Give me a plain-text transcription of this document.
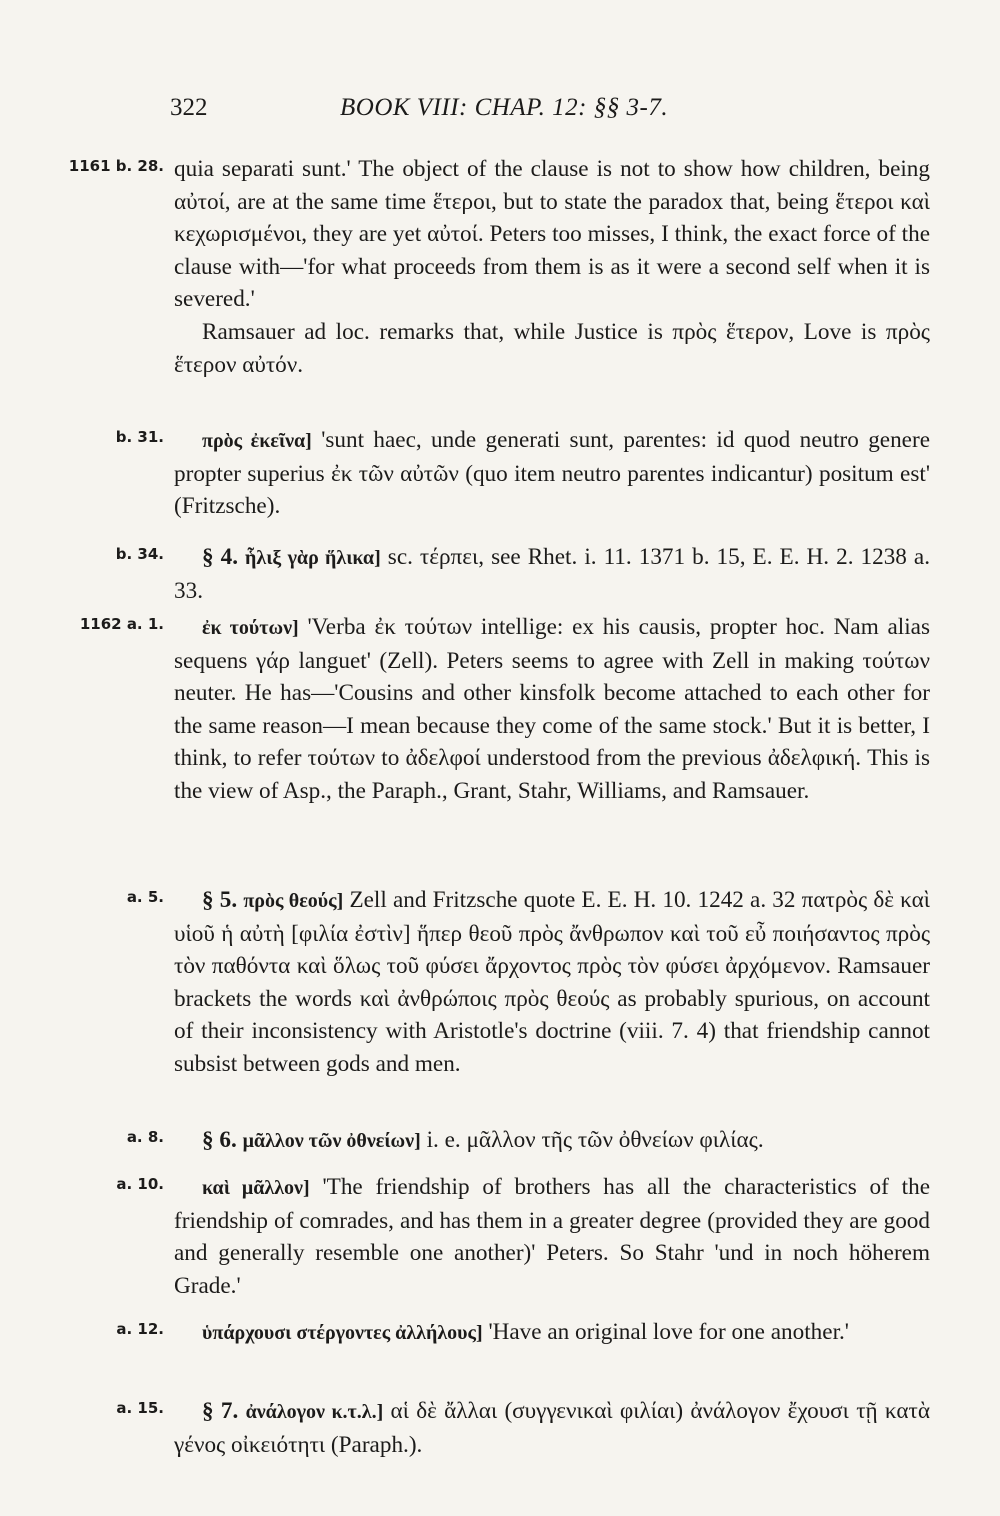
322	BOOK VIII: CHAP. 12: §§ 3-7.
1161 b. 28. quia separati sunt.' The object of the clause is not to show how children, being αὐτοί, are at the same time ἕτεροι, but to state the paradox that, being ἕτεροι καὶ κεχωρισμένοι, they are yet αὐτοί. Peters too misses, I think, the exact force of the clause with—'for what proceeds from them is as it were a second self when it is severed.'

Ramsauer ad loc. remarks that, while Justice is πρὸς ἕτερον, Love is πρὸς ἕτερον αὐτόν.

b. 31.	πρὸς ἐκεῖνα] 'sunt haec, unde generati sunt, parentes: id quod neutro genere propter superius ἐκ τῶν αὐτῶν (quo item neutro parentes indicantur) positum est' (Fritzsche).

b. 34.	§ 4. ἧλιξ γὰρ ἥλικα] sc. τέρπει, see Rhet. i. 11. 1371 b. 15, E. E. H. 2. 1238 a. 33.

1162 a. 1.	ἐκ τούτων] 'Verba ἐκ τούτων intellige: ex his causis, propter hoc. Nam alias sequens γάρ languet' (Zell). Peters seems to agree with Zell in making τούτων neuter. He has—'Cousins and other kinsfolk become attached to each other for the same reason—I mean because they come of the same stock.' But it is better, I think, to refer τούτων to ἀδελφοί understood from the previous ἀδελφική. This is the view of Asp., the Paraph., Grant, Stahr, Williams, and Ramsauer.

a. 5.	§ 5. πρὸς θεούς] Zell and Fritzsche quote E. E. H. 10. 1242 a. 32 πατρὸς δὲ καὶ υἱοῦ ἡ αὐτὴ [φιλία ἐστὶν] ἥπερ θεοῦ πρὸς ἄνθρωπον καὶ τοῦ εὖ ποιήσαντος πρὸς τὸν παθόντα καὶ ὅλως τοῦ φύσει ἄρχοντος πρὸς τὸν φύσει ἀρχόμενον. Ramsauer brackets the words καὶ ἀνθρώποις πρὸς θεούς as probably spurious, on account of their inconsistency with Aristotle's doctrine (viii. 7. 4) that friendship cannot subsist between gods and men.

a. 8.	§ 6. μᾶλλον τῶν ὀθνείων] i. e. μᾶλλον τῆς τῶν ὀθνείων φιλίας.

a. 10.	καὶ μᾶλλον] 'The friendship of brothers has all the characteristics of the friendship of comrades, and has them in a greater degree (provided they are good and generally resemble one another)' Peters. So Stahr 'und in noch höherem Grade.'

a. 12.	ὑπάρχουσι στέργοντες ἀλλήλους] 'Have an original love for one another.'

a. 15.	§ 7. ἀνάλογον κ.τ.λ.] αἱ δὲ ἄλλαι (συγγενικαὶ φιλίαι) ἀνάλογον ἔχουσι τῇ κατὰ γένος οἰκειότητι (Paraph.).
